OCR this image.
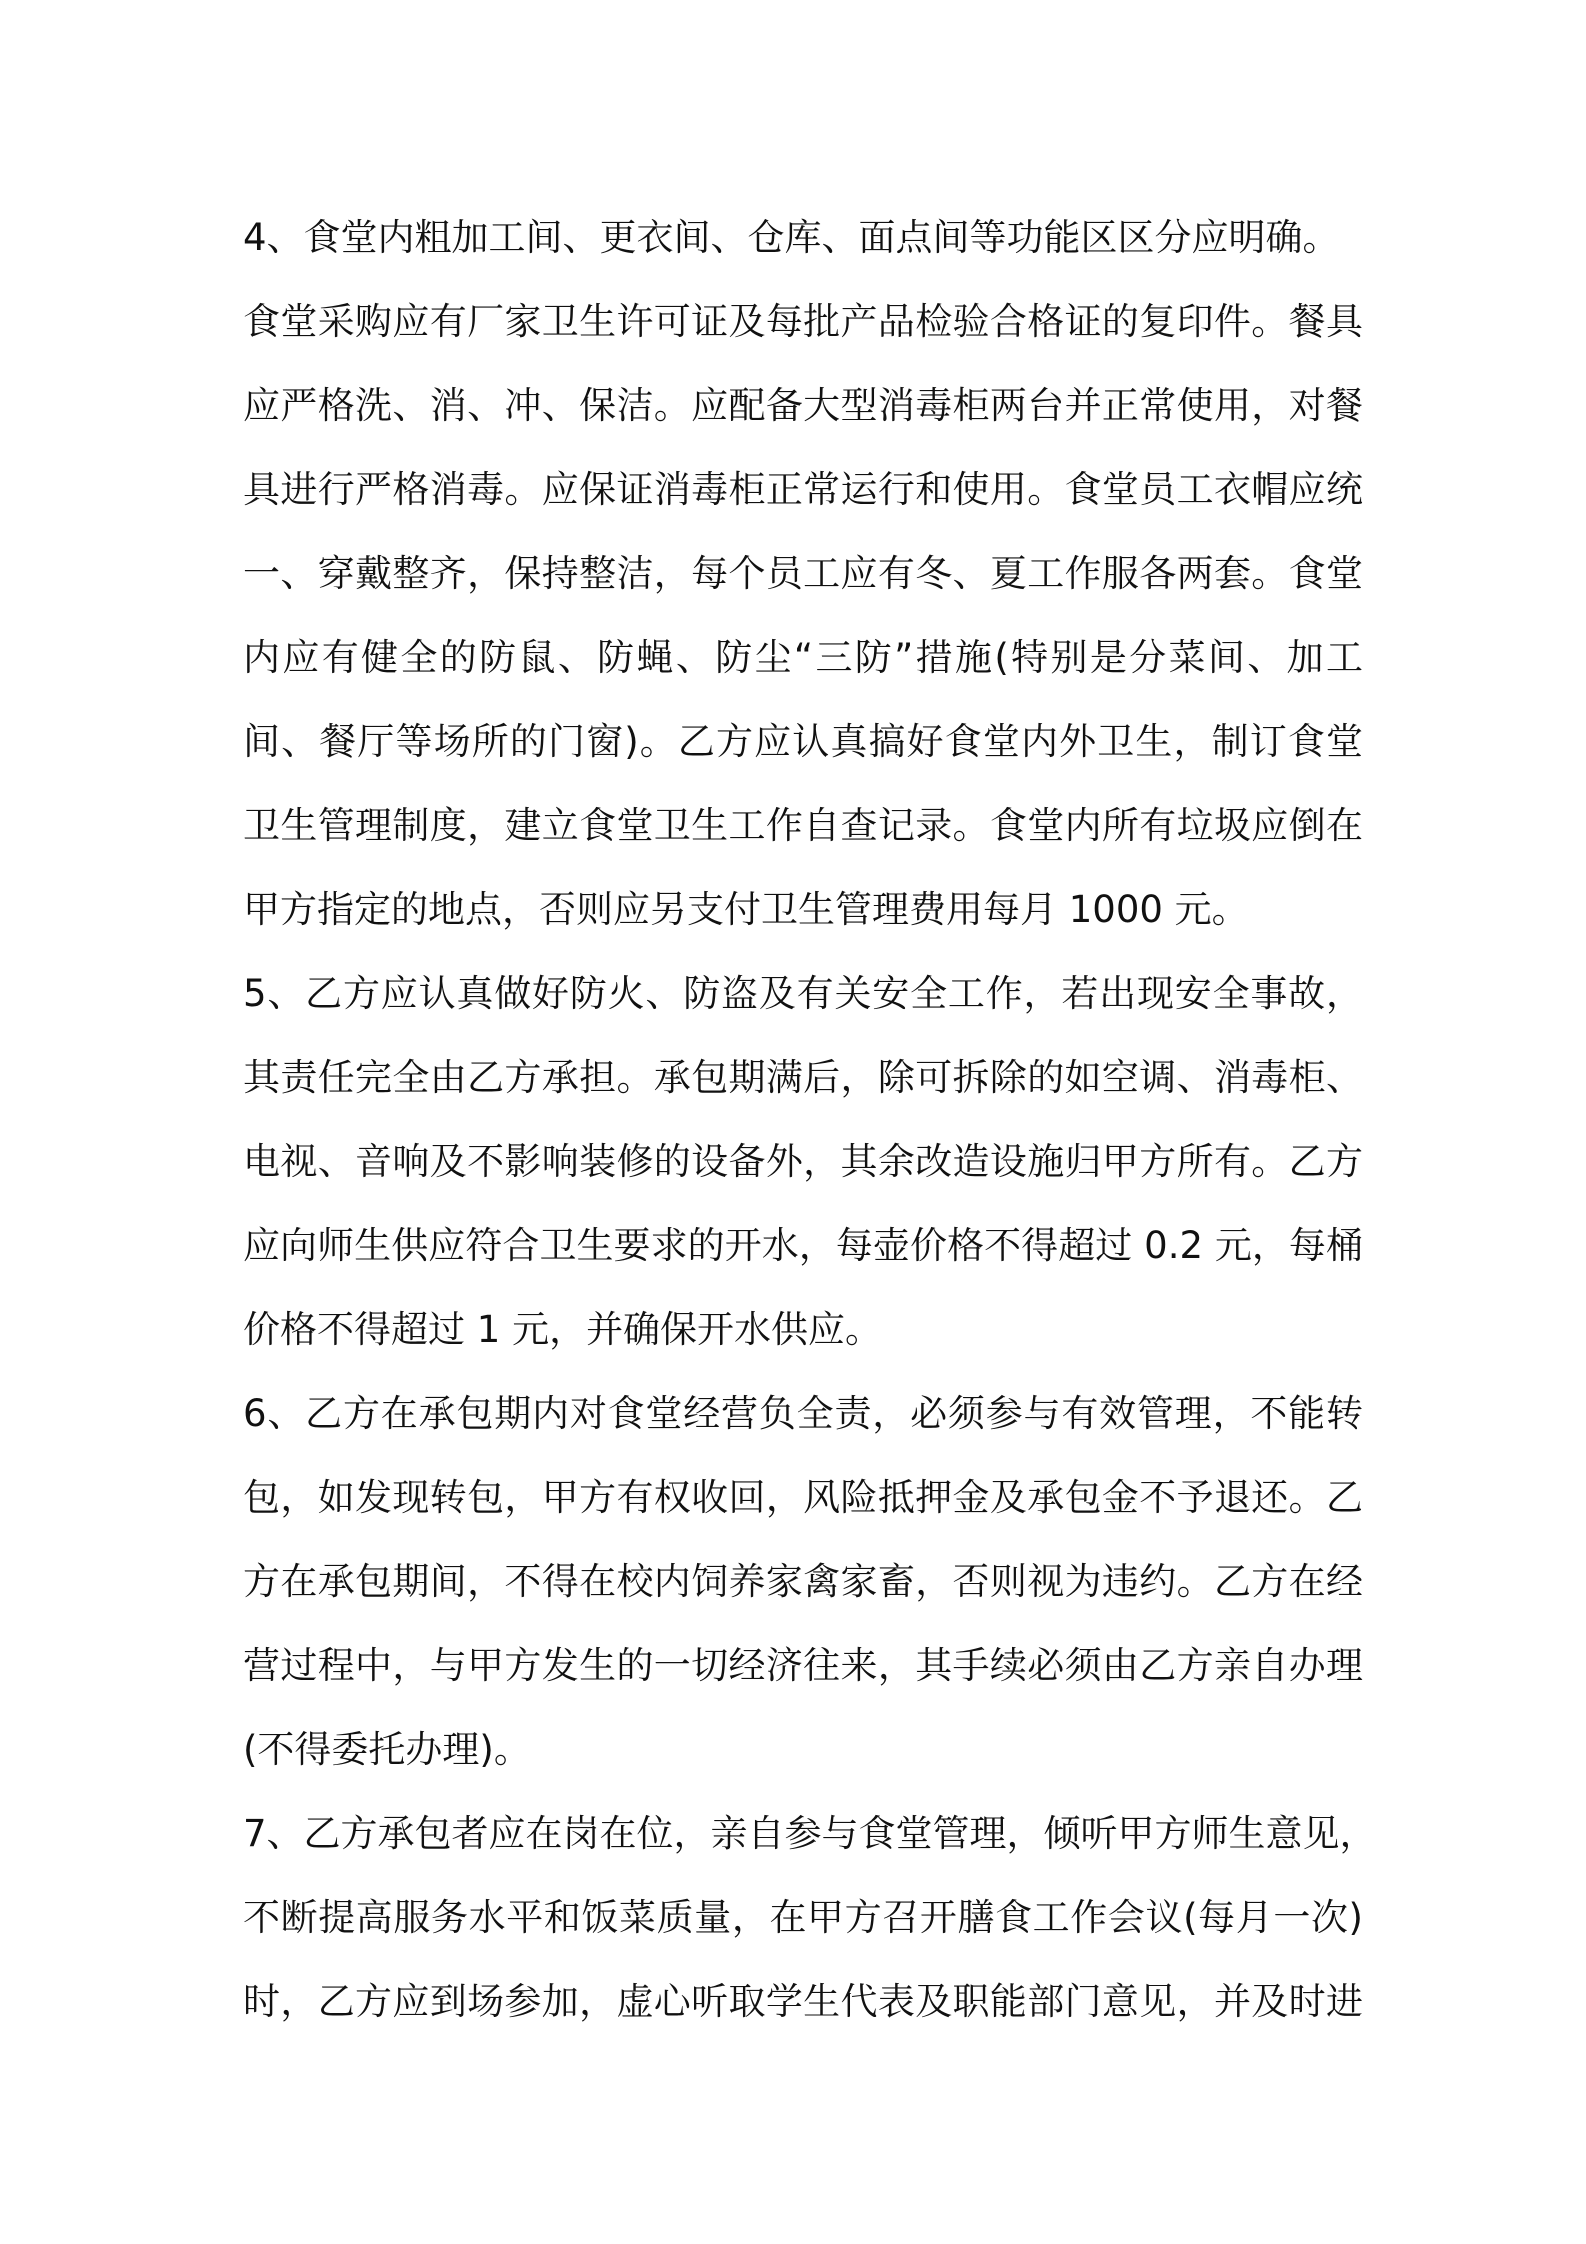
4、食堂内粗加工间、更衣间、仓库、面点间等功能区区分应明确。
食堂采购应有厂家卫生许可证及每批产品检验合格证的复印件。餐具
应严格洗、消、冲、保洁。应配备大型消毒柜两台并正常使用，对餐
具进行严格消毒。应保证消毒柜正常运行和使用。食堂员工衣帽应统
一、穿戴整齐，保持整洁，每个员工应有冬、夏工作服各两套。食堂
内应有健全的防鼠、防蝇、防尘“三防”措施(特别是分菜间、加工
间、餐厅等场所的门窗)。乙方应认真搞好食堂内外卫生，制订食堂
卫生管理制度，建立食堂卫生工作自查记录。食堂内所有垃圾应倒在
甲方指定的地点，否则应另支付卫生管理费用每月 1000 元。
5、乙方应认真做好防火、防盗及有关安全工作，若出现安全事故，
其责任完全由乙方承担。承包期满后，除可拆除的如空调、消毒柜、
电视、音响及不影响装修的设备外，其余改造设施归甲方所有。乙方
应向师生供应符合卫生要求的开水，每壶价格不得超过 0.2 元，每桶
价格不得超过 1 元，并确保开水供应。
6、乙方在承包期内对食堂经营负全责，必须参与有效管理，不能转
包，如发现转包，甲方有权收回，风险抵押金及承包金不予退还。乙
方在承包期间，不得在校内饲养家禽家畜，否则视为违约。乙方在经
营过程中，与甲方发生的一切经济往来，其手续必须由乙方亲自办理
(不得委托办理)。
7、乙方承包者应在岗在位，亲自参与食堂管理，倾听甲方师生意见，
不断提高服务水平和饭菜质量，在甲方召开膳食工作会议(每月一次)
时，乙方应到场参加，虚心听取学生代表及职能部门意见，并及时进
